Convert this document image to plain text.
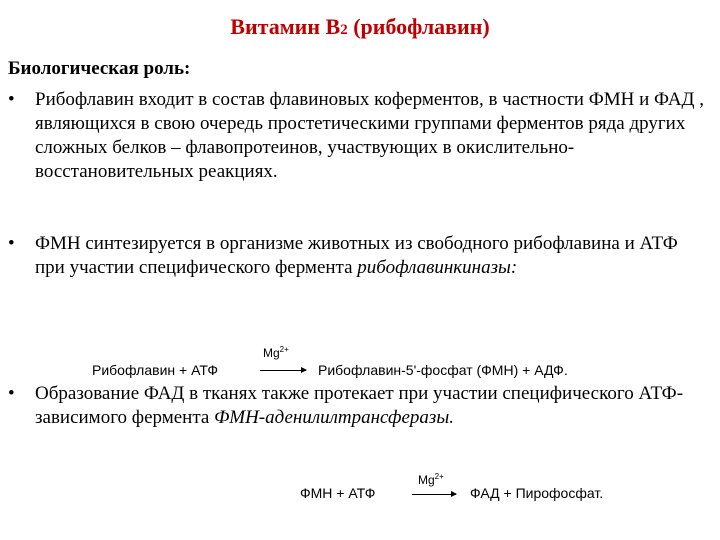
Витамин В2 (рибофлавин)
Биологическая роль:
• Рибофлавин входит в состав флавиновых коферментов, в частности ФМН и ФАД , являющихся в свою очередь простетическими группами ферментов ряда других сложных белков – флавопротеинов, участвующих в окислительно-восстановительных реакциях.
• ФМН синтезируется в организме животных из свободного рибофлавина и АТФ при участии специфического фермента рибофлавинкиназы:
• Образование ФАД в тканях также протекает при участии специфического АТФ-зависимого фермента ФМН-аденилилтрансферазы.
Рибофлавин + АТФ
$Mg^{2+}$
Рибофлавин-5'-фосфат (ФМН) + АДФ.
ФМН + АТФ
$Mg^{2+}$
ФАД + Пирофосфат.
